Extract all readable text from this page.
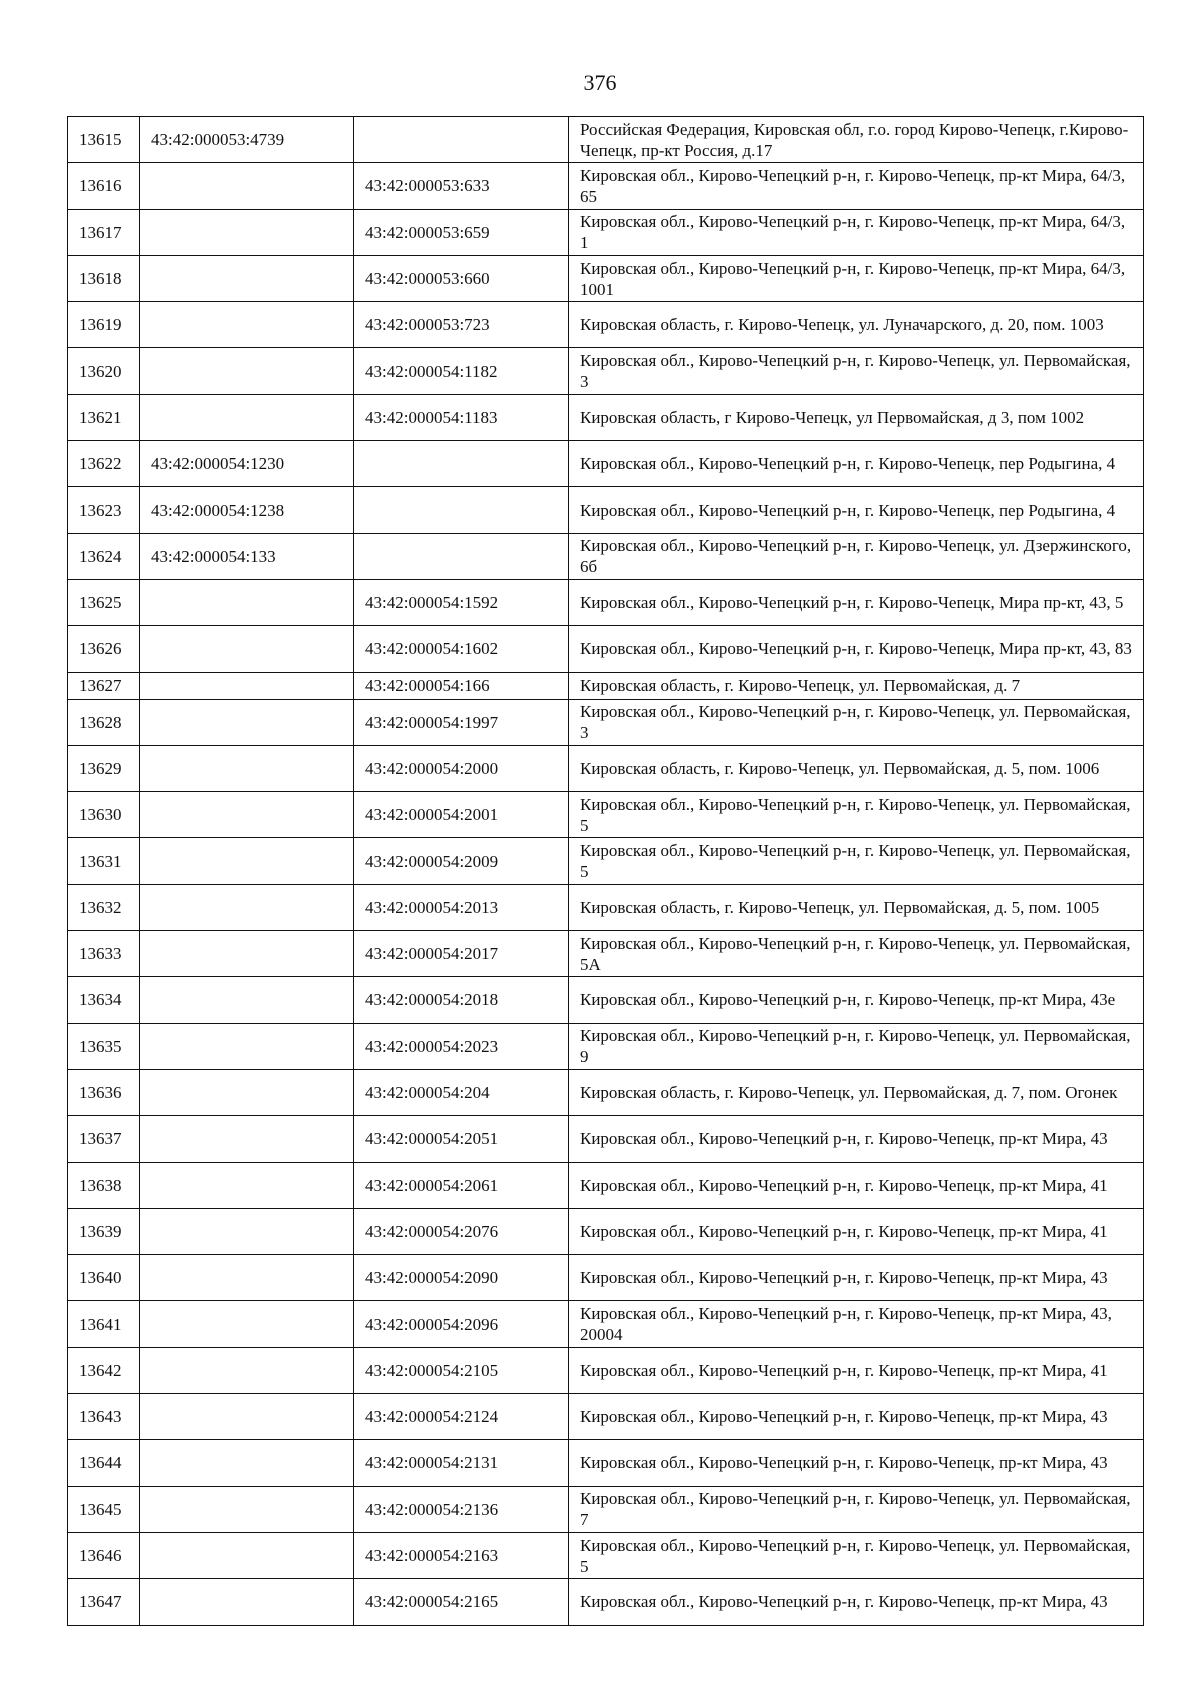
376
13615	43:42:000053:4739		Российская Федерация, Кировская обл, г.о. город Кирово-Чепецк, г.Кирово-Чепецк, пр-кт Россия, д.17
13616		43:42:000053:633	Кировская обл., Кирово-Чепецкий р-н, г. Кирово-Чепецк, пр-кт Мира, 64/3, 65
13617		43:42:000053:659	Кировская обл., Кирово-Чепецкий р-н, г. Кирово-Чепецк, пр-кт Мира, 64/3, 1
13618		43:42:000053:660	Кировская обл., Кирово-Чепецкий р-н, г. Кирово-Чепецк, пр-кт Мира, 64/3, 1001
13619		43:42:000053:723	Кировская область, г. Кирово-Чепецк, ул. Луначарского, д. 20, пом. 1003
13620		43:42:000054:1182	Кировская обл., Кирово-Чепецкий р-н, г. Кирово-Чепецк, ул. Первомайская, 3
13621		43:42:000054:1183	Кировская область, г Кирово-Чепецк, ул Первомайская, д 3, пом 1002
13622	43:42:000054:1230		Кировская обл., Кирово-Чепецкий р-н, г. Кирово-Чепецк, пер Родыгина, 4
13623	43:42:000054:1238		Кировская обл., Кирово-Чепецкий р-н, г. Кирово-Чепецк, пер Родыгина, 4
13624	43:42:000054:133		Кировская обл., Кирово-Чепецкий р-н, г. Кирово-Чепецк, ул. Дзержинского, 6б
13625		43:42:000054:1592	Кировская обл., Кирово-Чепецкий р-н, г. Кирово-Чепецк, Мира пр-кт, 43, 5
13626		43:42:000054:1602	Кировская обл., Кирово-Чепецкий р-н, г. Кирово-Чепецк, Мира пр-кт, 43, 83
13627		43:42:000054:166	Кировская область, г. Кирово-Чепецк, ул. Первомайская, д. 7
13628		43:42:000054:1997	Кировская обл., Кирово-Чепецкий р-н, г. Кирово-Чепецк, ул. Первомайская, 3
13629		43:42:000054:2000	Кировская область, г. Кирово-Чепецк, ул. Первомайская, д. 5, пом. 1006
13630		43:42:000054:2001	Кировская обл., Кирово-Чепецкий р-н, г. Кирово-Чепецк, ул. Первомайская, 5
13631		43:42:000054:2009	Кировская обл., Кирово-Чепецкий р-н, г. Кирово-Чепецк, ул. Первомайская, 5
13632		43:42:000054:2013	Кировская область, г. Кирово-Чепецк, ул. Первомайская, д. 5, пом. 1005
13633		43:42:000054:2017	Кировская обл., Кирово-Чепецкий р-н, г. Кирово-Чепецк, ул. Первомайская, 5А
13634		43:42:000054:2018	Кировская обл., Кирово-Чепецкий р-н, г. Кирово-Чепецк, пр-кт Мира, 43е
13635		43:42:000054:2023	Кировская обл., Кирово-Чепецкий р-н, г. Кирово-Чепецк, ул. Первомайская, 9
13636		43:42:000054:204	Кировская область, г. Кирово-Чепецк, ул. Первомайская, д. 7, пом. Огонек
13637		43:42:000054:2051	Кировская обл., Кирово-Чепецкий р-н, г. Кирово-Чепецк, пр-кт Мира, 43
13638		43:42:000054:2061	Кировская обл., Кирово-Чепецкий р-н, г. Кирово-Чепецк, пр-кт Мира, 41
13639		43:42:000054:2076	Кировская обл., Кирово-Чепецкий р-н, г. Кирово-Чепецк, пр-кт Мира, 41
13640		43:42:000054:2090	Кировская обл., Кирово-Чепецкий р-н, г. Кирово-Чепецк, пр-кт Мира, 43
13641		43:42:000054:2096	Кировская обл., Кирово-Чепецкий р-н, г. Кирово-Чепецк, пр-кт Мира, 43, 20004
13642		43:42:000054:2105	Кировская обл., Кирово-Чепецкий р-н, г. Кирово-Чепецк, пр-кт Мира, 41
13643		43:42:000054:2124	Кировская обл., Кирово-Чепецкий р-н, г. Кирово-Чепецк, пр-кт Мира, 43
13644		43:42:000054:2131	Кировская обл., Кирово-Чепецкий р-н, г. Кирово-Чепецк, пр-кт Мира, 43
13645		43:42:000054:2136	Кировская обл., Кирово-Чепецкий р-н, г. Кирово-Чепецк, ул. Первомайская, 7
13646		43:42:000054:2163	Кировская обл., Кирово-Чепецкий р-н, г. Кирово-Чепецк, ул. Первомайская, 5
13647		43:42:000054:2165	Кировская обл., Кирово-Чепецкий р-н, г. Кирово-Чепецк, пр-кт Мира, 43
